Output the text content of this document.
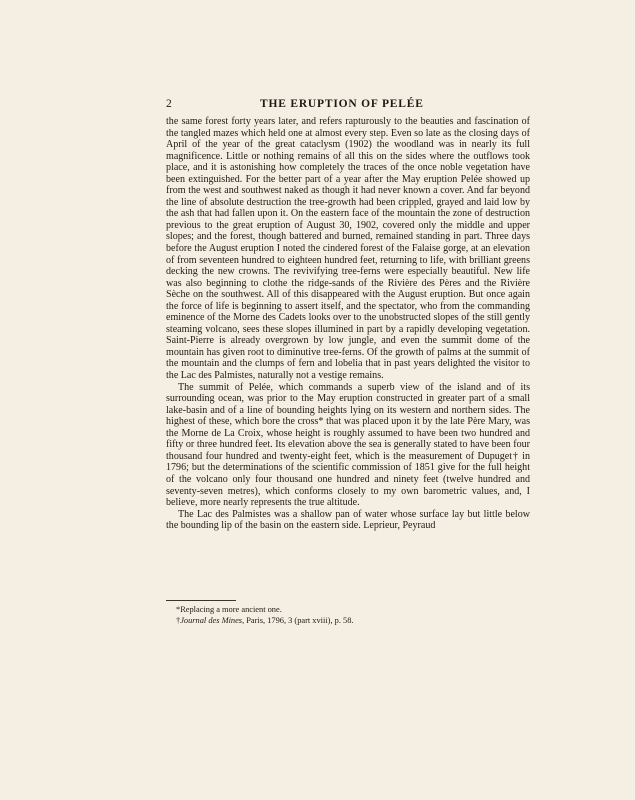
2	THE ERUPTION OF PELÉE

the same forest forty years later, and refers rapturously to the beauties and fascination of the tangled mazes which held one at almost every step. Even so late as the closing days of April of the year of the great cataclysm (1902) the woodland was in nearly its full magnificence. Little or nothing remains of all this on the sides where the outflows took place, and it is astonishing how completely the traces of the once noble vegetation have been extinguished. For the better part of a year after the May eruption Pelée showed up from the west and southwest naked as though it had never known a cover. And far beyond the line of absolute destruction the tree-growth had been crippled, grayed and laid low by the ash that had fallen upon it. On the eastern face of the mountain the zone of destruction previous to the great eruption of August 30, 1902, covered only the middle and upper slopes; and the forest, though battered and burned, remained standing in part. Three days before the August eruption I noted the cindered forest of the Falaise gorge, at an elevation of from seventeen hundred to eighteen hundred feet, returning to life, with brilliant greens decking the new crowns. The revivifying tree-ferns were especially beautiful. New life was also beginning to clothe the ridge-sands of the Rivière des Pères and the Rivière Sèche on the southwest. All of this disappeared with the August eruption. But once again the force of life is beginning to assert itself, and the spectator, who from the commanding eminence of the Morne des Cadets looks over to the unobstructed slopes of the still gently steaming volcano, sees these slopes illumined in part by a rapidly developing vegetation. Saint-Pierre is already overgrown by low jungle, and even the summit dome of the mountain has given root to diminutive tree-ferns. Of the growth of palms at the summit of the mountain and the clumps of fern and lobelia that in past years delighted the visitor to the Lac des Palmistes, naturally not a vestige remains.

The summit of Pelée, which commands a superb view of the island and of its surrounding ocean, was prior to the May eruption constructed in greater part of a small lake-basin and of a line of bounding heights lying on its western and northern sides. The highest of these, which bore the cross* that was placed upon it by the late Père Mary, was the Morne de La Croix, whose height is roughly assumed to have been two hundred and fifty or three hundred feet. Its elevation above the sea is generally stated to have been four thousand four hundred and twenty-eight feet, which is the measurement of Dupuget† in 1796; but the determinations of the scientific commission of 1851 give for the full height of the volcano only four thousand one hundred and ninety feet (twelve hundred and seventy-seven metres), which conforms closely to my own barometric values, and, I believe, more nearly represents the true altitude.

The Lac des Palmistes was a shallow pan of water whose surface lay but little below the bounding lip of the basin on the eastern side. Leprieur, Peyraud

*Replacing a more ancient one.
†Journal des Mines, Paris, 1796, 3 (part xviii), p. 58.
